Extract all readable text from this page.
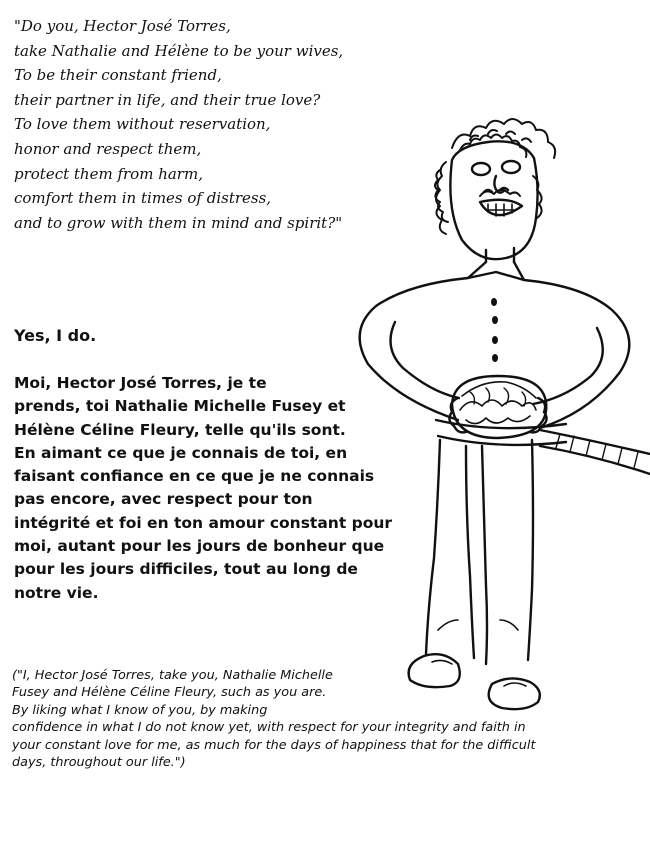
"Do you, Hector José Torres,
take Nathalie and Hélène to be your wives,
To be their constant friend,
their partner in life, and their true love?
To love them without reservation,
honor and respect them,
protect them from harm,
comfort them in times of distress,
and to grow with them in mind and spirit?"
Yes, I do.
Moi, Hector José Torres, je te
prends, toi Nathalie Michelle Fusey et
Hélène Céline Fleury, telle qu'ils sont.
En aimant ce que je connais de toi, en
faisant confiance en ce que je ne connais
pas encore, avec respect pour ton
intégrité et foi en ton amour constant pour
moi, autant pour les jours de bonheur que
pour les jours difficiles, tout au long de
notre vie.
("I, Hector José Torres, take you, Nathalie Michelle
Fusey and Hélène Céline Fleury, such as you are.
By liking what I know of you, by making
confidence in what I do not know yet, with respect for your integrity and faith in
your constant love for me, as much for the days of happiness that for the difficult
days, throughout our life.")
